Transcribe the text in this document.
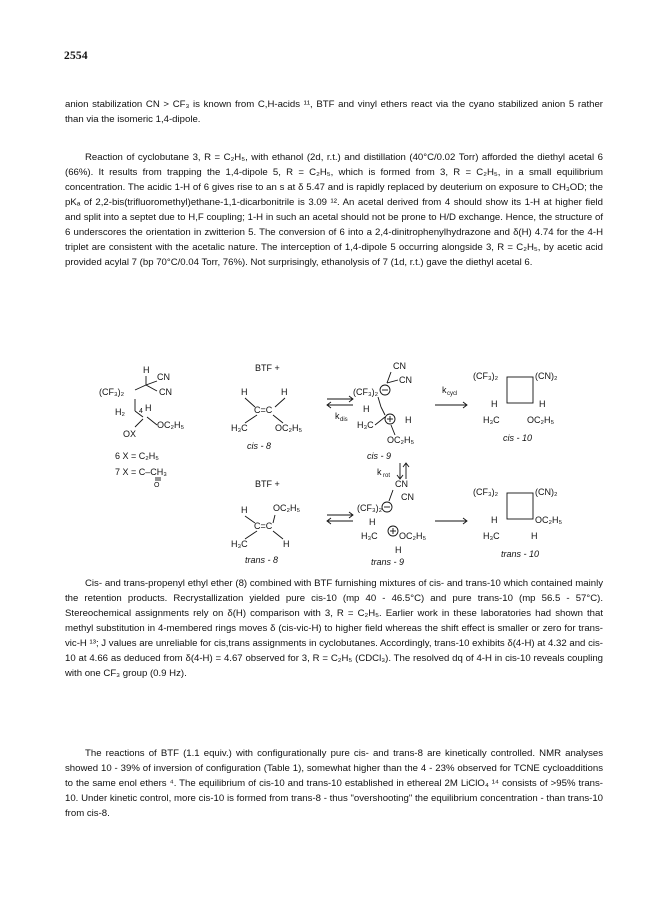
2554

anion stabilization CN > CF₃ is known from C,H-acids ¹¹, BTF and vinyl ethers react via the cyano stabilized anion 5 rather than via the isomeric 1,4-dipole.

Reaction of cyclobutane 3, R = C₂H₅, with ethanol (2d, r.t.) and distillation (40°C/0.02 Torr) afforded the diethyl acetal 6 (66%). It results from trapping the 1,4-dipole 5, R = C₂H₅, which is formed from 3, R = C₂H₅, in a small equilibrium concentration. The acidic 1-H of 6 gives rise to an s at δ 5.47 and is rapidly replaced by deuterium on exposure to CH₃OD; the pKₐ of 2,2-bis(trifluoromethyl)ethane-1,1-dicarbonitrile is 3.09 ¹². An acetal derived from 4 should show its 1-H at higher field and split into a septet due to H,F coupling; 1-H in such an acetal should not be prone to H/D exchange. Hence, the structure of 6 underscores the orientation in zwitterion 5. The conversion of 6 into a 2,4-dinitrophenylhydrazone and δ(H) 4.74 for the 4-H triplet are consistent with the acetalic nature. The interception of 1,4-dipole 5 occurring alongside 3, R = C₂H₅, by acetic acid provided acylal 7 (bp 70°C/0.04 Torr, 76%). Not surprisingly, ethanolysis of 7 (1d, r.t.) gave the diethyl acetal 6.

H
CN
CN
(CF₃)₂
H₂ 4 H
OC₂H₅
OX
6 X = C₂H₅
7 X = C–CH₃
O
BTF +
H	H
C=C
H₃C	OC₂H₅
cis - 8
k dis
CN
CN
(CF₃)₂
H
H₃C	H
OC₂H₅
cis - 9
k cycl
(CF₃)₂	(CN)₂
H	H
H₃C	OC₂H₅
cis - 10
k rot
BTF +
H	OC₂H₅
C=C
H₃C	H
trans - 8
CN
CN
(CF₃)₂
H
H₃C OC₂H₅
H
trans - 9
(CF₃)₂	(CN)₂
H	OC₂H₅
H₃C	H
trans - 10

Cis- and trans-propenyl ethyl ether (8) combined with BTF furnishing mixtures of cis- and trans-10 which contained mainly the retention products. Recrystallization yielded pure cis-10 (mp 40 - 46.5°C) and pure trans-10 (mp 56.5 - 57°C). Stereochemical assignments rely on δ(H) comparison with 3, R = C₂H₅. Earlier work in these laboratories had shown that methyl substitution in 4-membered rings moves δ (cis-vic-H) to higher field whereas the shift effect is smaller or zero for trans-vic-H ¹³; J values are unreliable for cis,trans assignments in cyclobutanes. Accordingly, trans-10 exhibits δ(4-H) at 4.32 and cis-10 at 4.66 as deduced from δ(4-H) = 4.67 observed for 3, R = C₂H₅ (CDCl₃). The resolved dq of 4-H in cis-10 reveals coupling with one CF₃ group (0.9 Hz).

The reactions of BTF (1.1 equiv.) with configurationally pure cis- and trans-8 are kinetically controlled. NMR analyses showed 10 - 39% of inversion of configuration (Table 1), somewhat higher than the 4 - 23% observed for TCNE cycloadditions to the same enol ethers ⁴. The equilibrium of cis-10 and trans-10 established in ethereal 2M LiClO₄ ¹⁴ consists of >95% trans-10. Under kinetic control, more cis-10 is formed from trans-8 - thus "overshooting" the equilibrium concentration - than trans-10 from cis-8.
